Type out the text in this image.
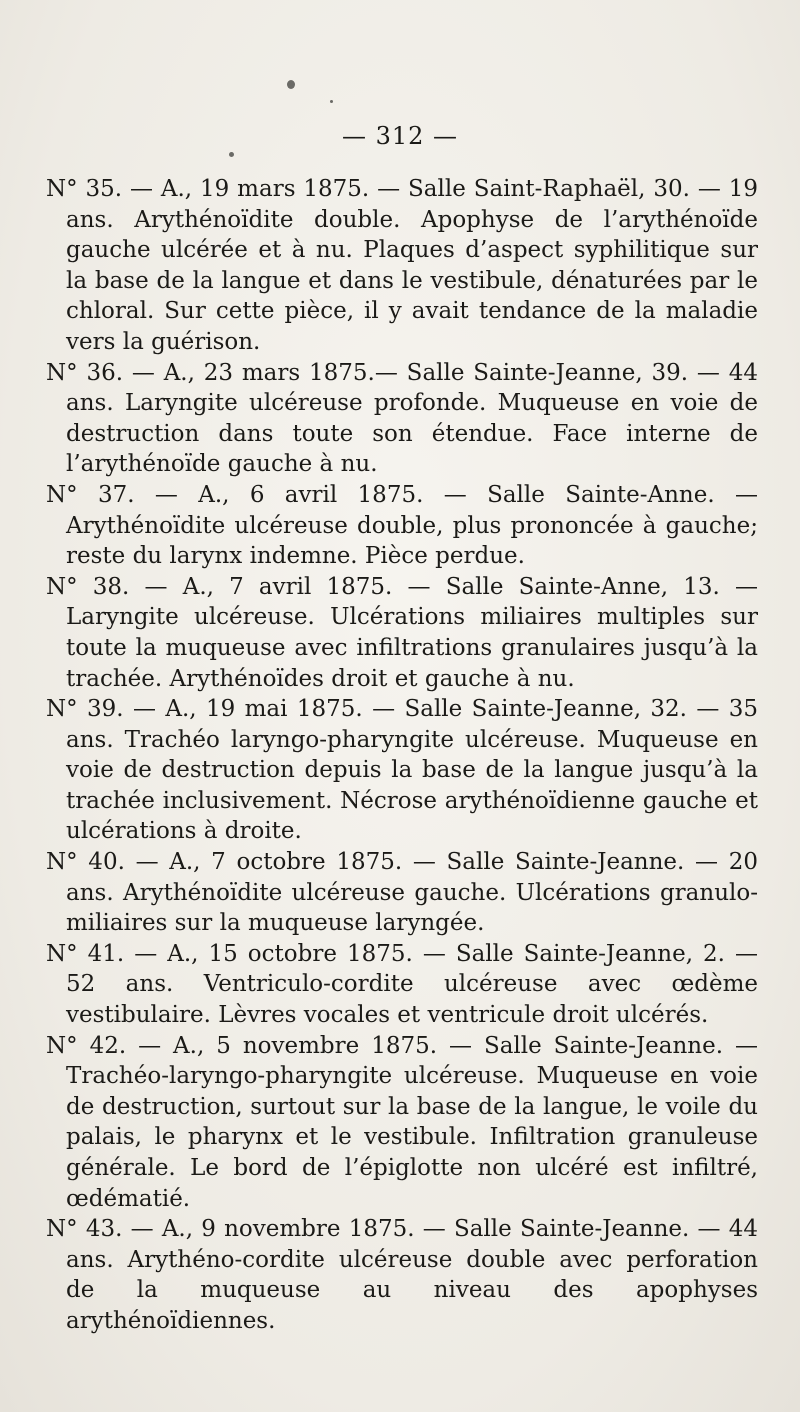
— 312 —

N° 35. — A., 19 mars 1875. — Salle Saint-Raphaël, 30. — 19 ans. Arythénoïdite double. Apophyse de l’arythénoïde gauche ulcérée et à nu. Plaques d’aspect syphilitique sur la base de la langue et dans le vestibule, dénaturées par le chloral. Sur cette pièce, il y avait tendance de la maladie vers la guérison.

N° 36. — A., 23 mars 1875.— Salle Sainte-Jeanne, 39. — 44 ans. Laryngite ulcéreuse profonde. Muqueuse en voie de destruction dans toute son étendue. Face interne de l’arythénoïde gauche à nu.

N° 37. — A., 6 avril 1875. — Salle Sainte-Anne. — Arythénoïdite ulcéreuse double, plus prononcée à gauche; reste du larynx indemne. Pièce perdue.

N° 38. — A., 7 avril 1875. — Salle Sainte-Anne, 13. — Laryngite ulcéreuse. Ulcérations miliaires multiples sur toute la muqueuse avec infiltrations granulaires jusqu’à la trachée. Arythénoïdes droit et gauche à nu.

N° 39. — A., 19 mai 1875. — Salle Sainte-Jeanne, 32. — 35 ans. Trachéo laryngo-pharyngite ulcéreuse. Muqueuse en voie de destruction depuis la base de la langue jusqu’à la trachée inclusivement. Nécrose arythénoïdienne gauche et ulcérations à droite.

N° 40. — A., 7 octobre 1875. — Salle Sainte-Jeanne. — 20 ans. Arythénoïdite ulcéreuse gauche. Ulcérations granulo-miliaires sur la muqueuse laryngée.

N° 41. — A., 15 octobre 1875. — Salle Sainte-Jeanne, 2. — 52 ans. Ventriculo-cordite ulcéreuse avec œdème vestibulaire. Lèvres vocales et ventricule droit ulcérés.

N° 42. — A., 5 novembre 1875. — Salle Sainte-Jeanne. — Trachéo-laryngo-pharyngite ulcéreuse. Muqueuse en voie de destruction, surtout sur la base de la langue, le voile du palais, le pharynx et le vestibule. Infiltration granuleuse générale. Le bord de l’épiglotte non ulcéré est infiltré, œdématié.

N° 43. — A., 9 novembre 1875. — Salle Sainte-Jeanne. — 44 ans. Arythéno-cordite ulcéreuse double avec perforation de la muqueuse au niveau des apophyses arythénoïdiennes.
